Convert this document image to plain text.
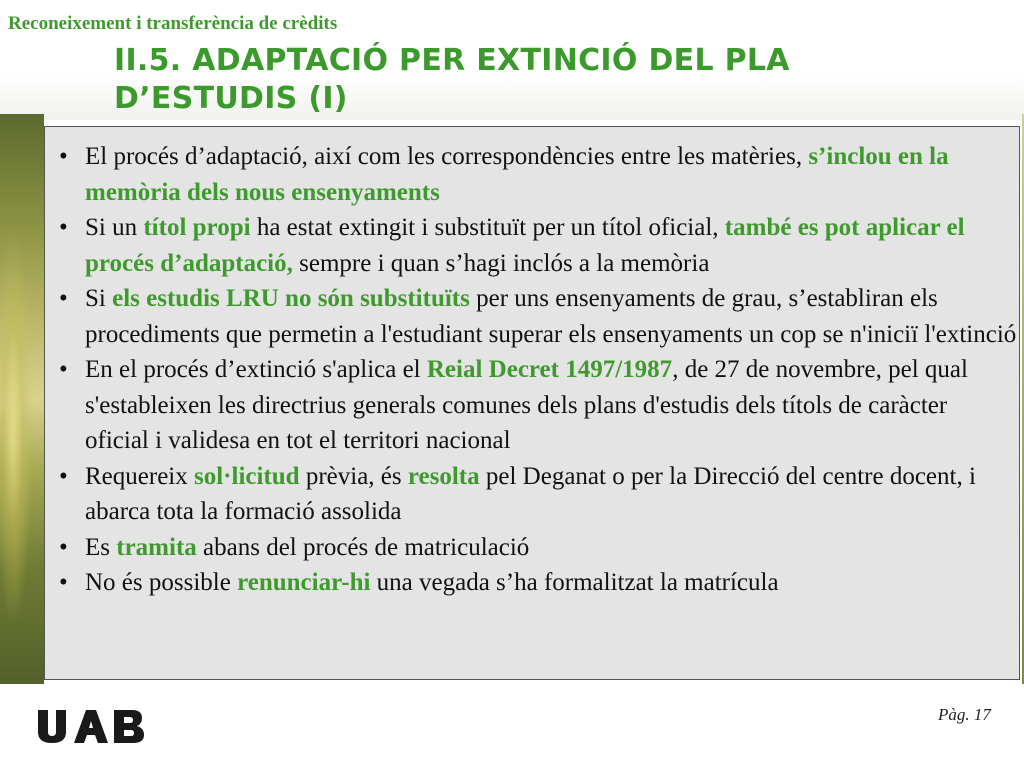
Reconeixement i transferència de crèdits
II.5. ADAPTACIÓ PER EXTINCIÓ DEL PLA D’ESTUDIS (I)
• El procés d’adaptació, així com les correspondències entre les matèries, s’inclou en la memòria dels nous ensenyaments
• Si un títol propi ha estat extingit i substituït per un títol oficial, també es pot aplicar el procés d’adaptació, sempre i quan s’hagi inclós a la memòria
• Si els estudis LRU no són substituïts per uns ensenyaments de grau, s’establiran els procediments que permetin a l'estudiant superar els ensenyaments un cop se n'iniciï l'extinció
• En el procés d’extinció s'aplica el Reial Decret 1497/1987, de 27 de novembre, pel qual s'estableixen les directrius generals comunes dels plans d'estudis dels títols de caràcter oficial i validesa en tot el territori nacional
• Requereix sol·licitud prèvia, és resolta pel Deganat o per la Direcció del centre docent, i abarca tota la formació assolida
• Es tramita abans del procés de matriculació
• No és possible renunciar-hi una vegada s’ha formalitzat la matrícula
Pàg. 17
